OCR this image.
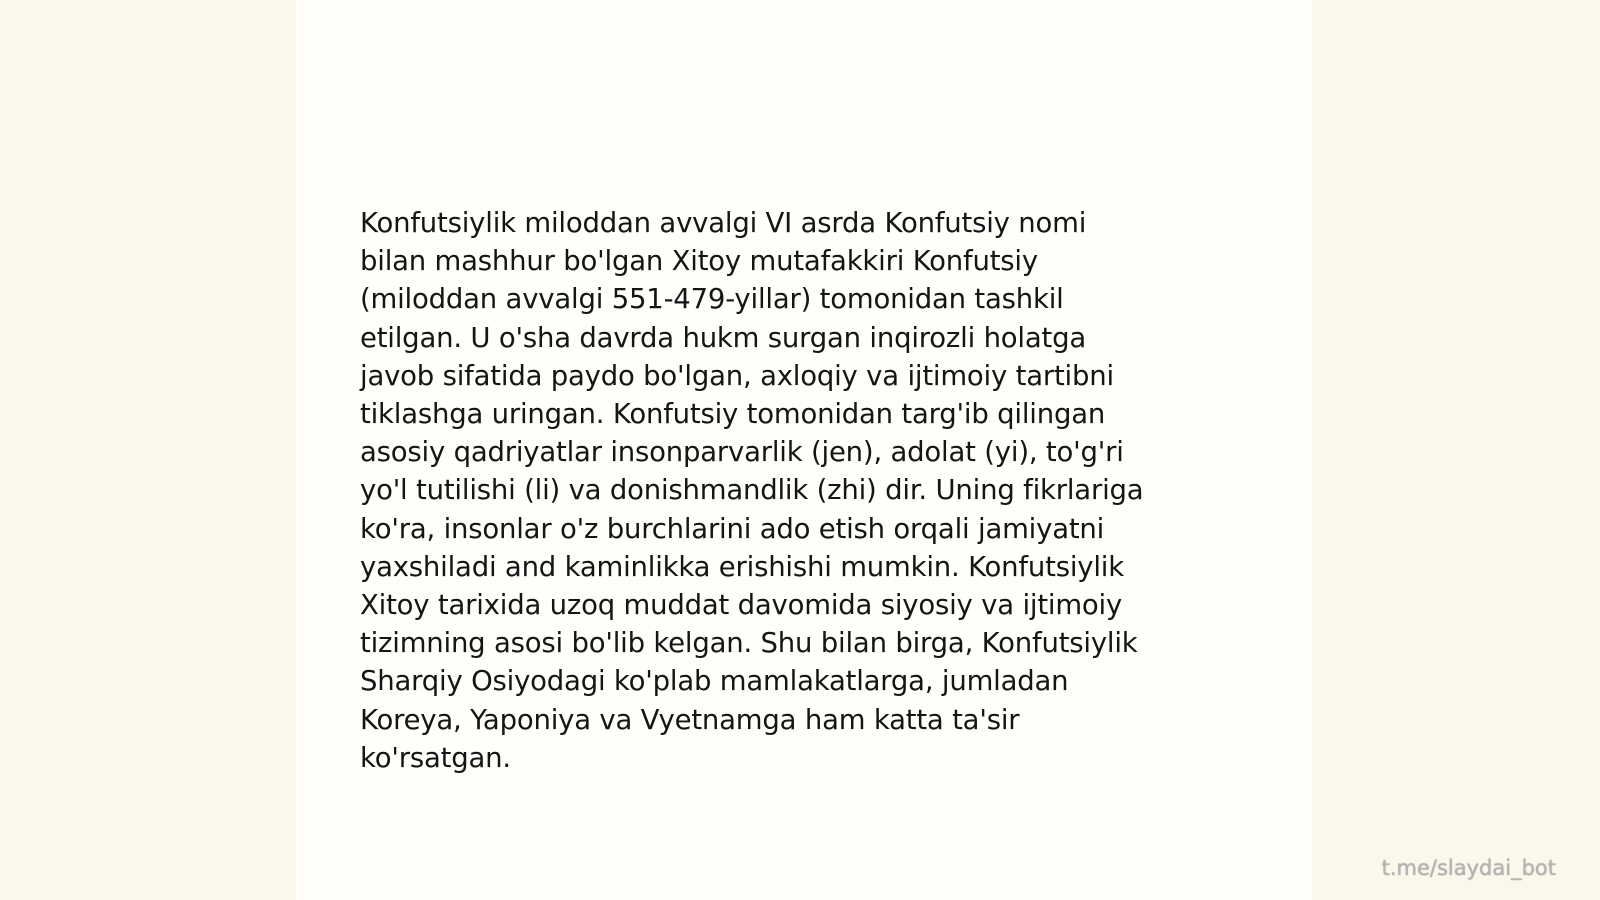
Konfutsiylik miloddan avvalgi VI asrda Konfutsiy nomi
bilan mashhur bo'lgan Xitoy mutafakkiri Konfutsiy
(miloddan avvalgi 551-479-yillar) tomonidan tashkil
etilgan. U o'sha davrda hukm surgan inqirozli holatga
javob sifatida paydo bo'lgan, axloqiy va ijtimoiy tartibni
tiklashga uringan. Konfutsiy tomonidan targ'ib qilingan
asosiy qadriyatlar insonparvarlik (jen), adolat (yi), to'g'ri
yo'l tutilishi (li) va donishmandlik (zhi) dir. Uning fikrlariga
ko'ra, insonlar o'z burchlarini ado etish orqali jamiyatni
yaxshiladi and kaminlikka erishishi mumkin. Konfutsiylik
Xitoy tarixida uzoq muddat davomida siyosiy va ijtimoiy
tizimning asosi bo'lib kelgan. Shu bilan birga, Konfutsiylik
Sharqiy Osiyodagi ko'plab mamlakatlarga, jumladan
Koreya, Yaponiya va Vyetnamga ham katta ta'sir
ko'rsatgan.

t.me/slaydai_bot
